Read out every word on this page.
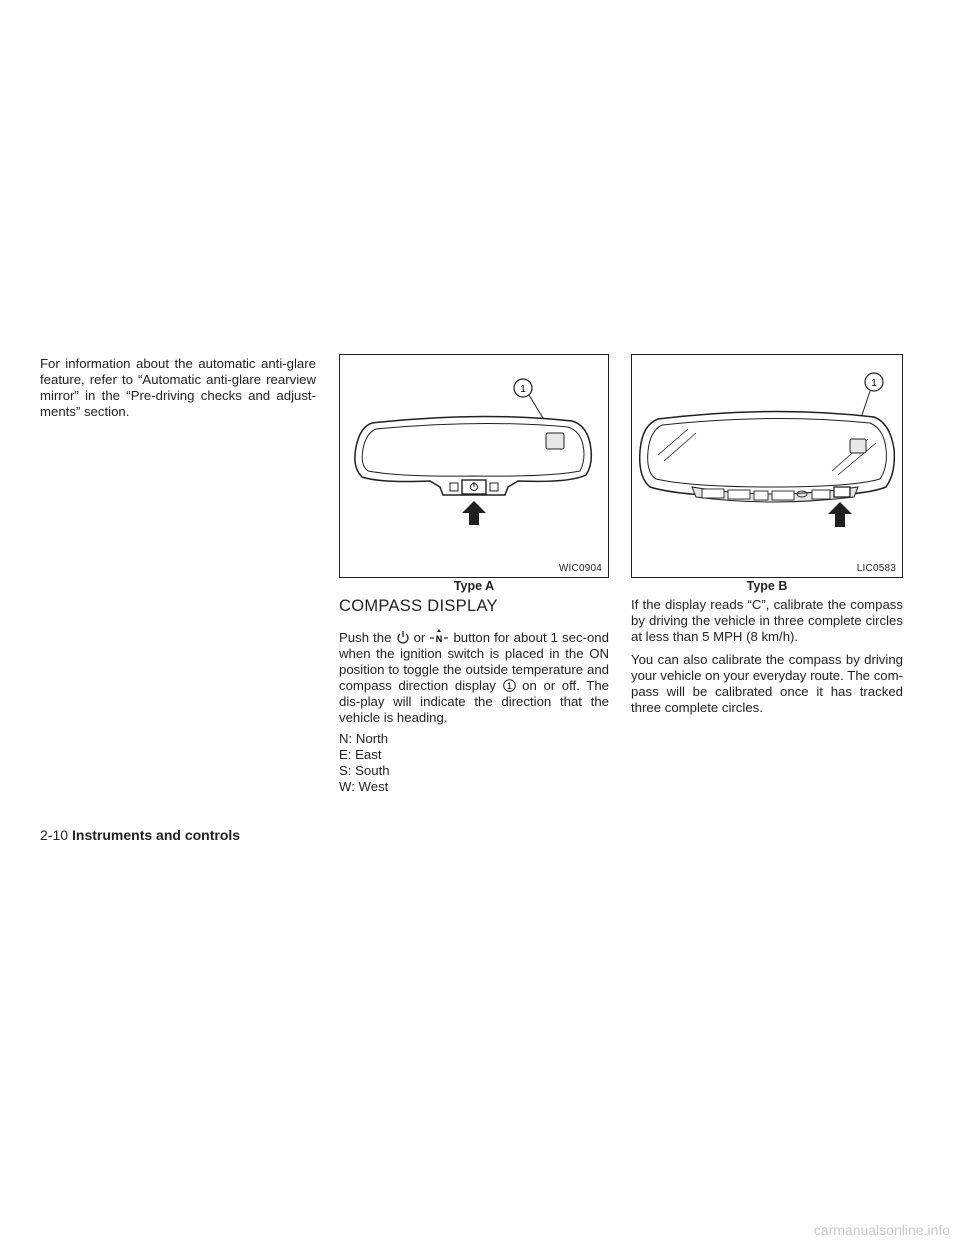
For information about the automatic anti-glare feature, refer to “Automatic anti-glare rearview mirror” in the “Pre-driving checks and adjust-ments” section.

1
WIC0904
Type A
1
LIC0583
Type B
COMPASS DISPLAY

Push the or N button for about 1 sec-ond when the ignition switch is placed in the ON position to toggle the outside temperature and compass direction display 1 on or off. The dis-play will indicate the direction that the vehicle is heading.

N: North
E: East
S: South
W: West

If the display reads “C”, calibrate the compass by driving the vehicle in three complete circles at less than 5 MPH (8 km/h).

You can also calibrate the compass by driving your vehicle on your everyday route. The com-pass will be calibrated once it has tracked three complete circles.

2-10 Instruments and controls
carmanualsonline.info
